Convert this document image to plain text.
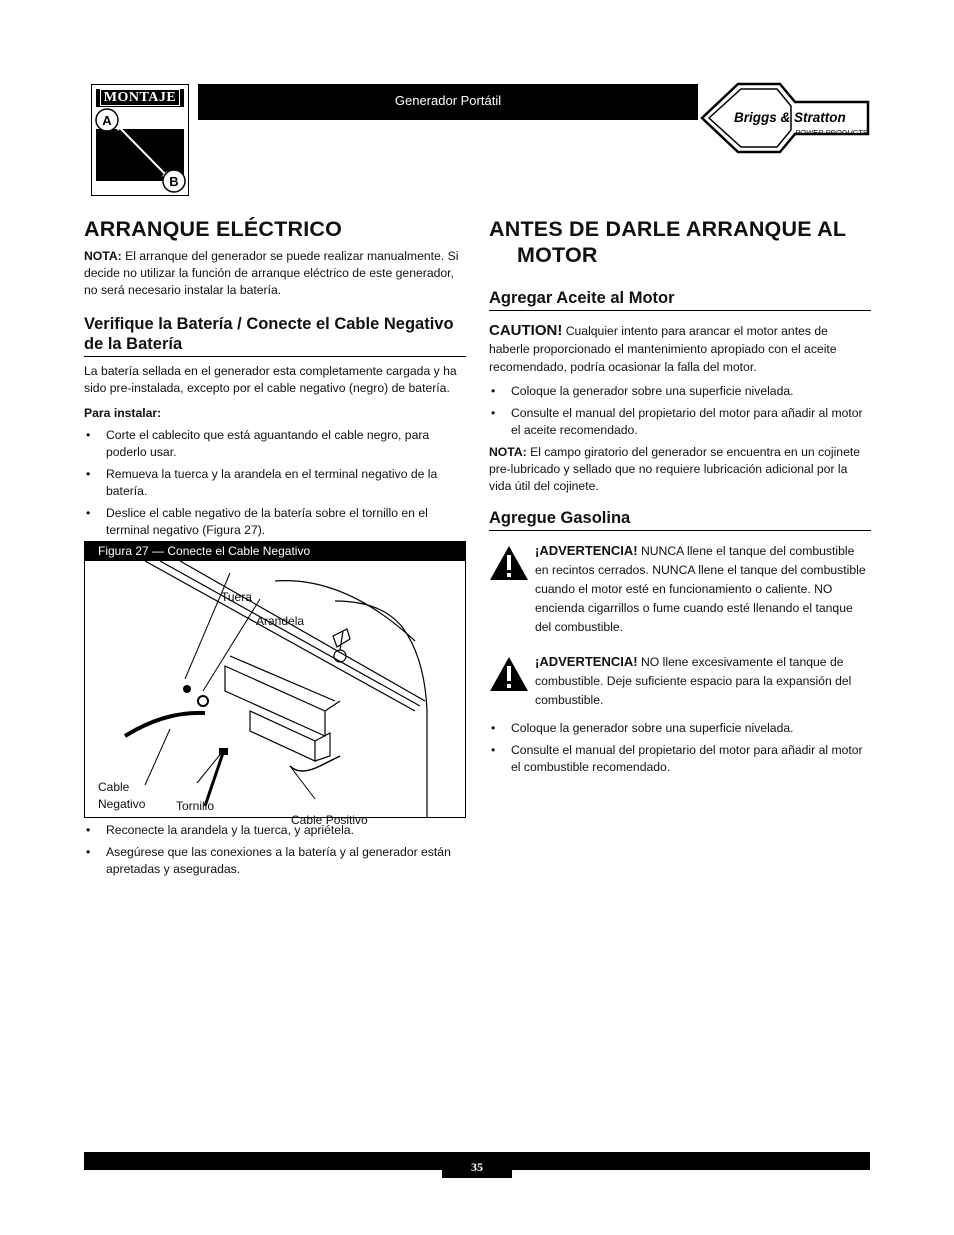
MONTAJE
A
B
Generador Portátil
Briggs & Stratton
POWER PRODUCTS
ARRANQUE ELÉCTRICO

NOTA: El arranque del generador se puede realizar manualmente. Si decide no utilizar la función de arranque eléctrico de este generador, no será necesario instalar la batería.

Verifique la Batería / Conecte el Cable Negativo de la Batería

La batería sellada en el generador esta completamente cargada y ha sido pre-instalada, excepto por el cable negativo (negro) de batería.

Para instalar:

• Corte el cablecito que está aguantando el cable negro, para poderlo usar.
• Remueva la tuerca y la arandela en el terminal negativo de la batería.
• Deslice el cable negativo de la batería sobre el tornillo en el terminal negativo (Figura 27).
Figura 27 — Conecte el Cable Negativo
Tuera
Arandela
Cable
Negativo	Tornillo
Cable Positivo
• Reconecte la arandela y la tuerca, y apriétela.
• Asegúrese que las conexiones a la batería y al generador están apretadas y aseguradas.
ANTES DE DARLE ARRANQUE AL MOTOR
Agregar Aceite al Motor

CAUTION! Cualquier intento para arancar el motor antes de haberle proporcionado el mantenimiento apropiado con el aceite recomendado, podría ocasionar la falla del motor.

• Coloque la generador sobre una superficie nivelada.
• Consulte el manual del propietario del motor para añadir al motor el aceite recomendado.

NOTA: El campo giratorio del generador se encuentra en un cojinete pre-lubricado y sellado que no requiere lubricación adicional por la vida útil del cojinete.

Agregue Gasolina
¡ADVERTENCIA! NUNCA llene el tanque del combustible en recintos cerrados. NUNCA llene el tanque del combustible cuando el motor esté en funcionamiento o caliente. NO encienda cigarrillos o fume cuando esté llenando el tanque del combustible.
¡ADVERTENCIA! NO llene excesivamente el tanque de combustible. Deje suficiente espacio para la expansión del combustible.
• Coloque la generador sobre una superficie nivelada.
• Consulte el manual del propietario del motor para añadir al motor el combustible recomendado.
35
